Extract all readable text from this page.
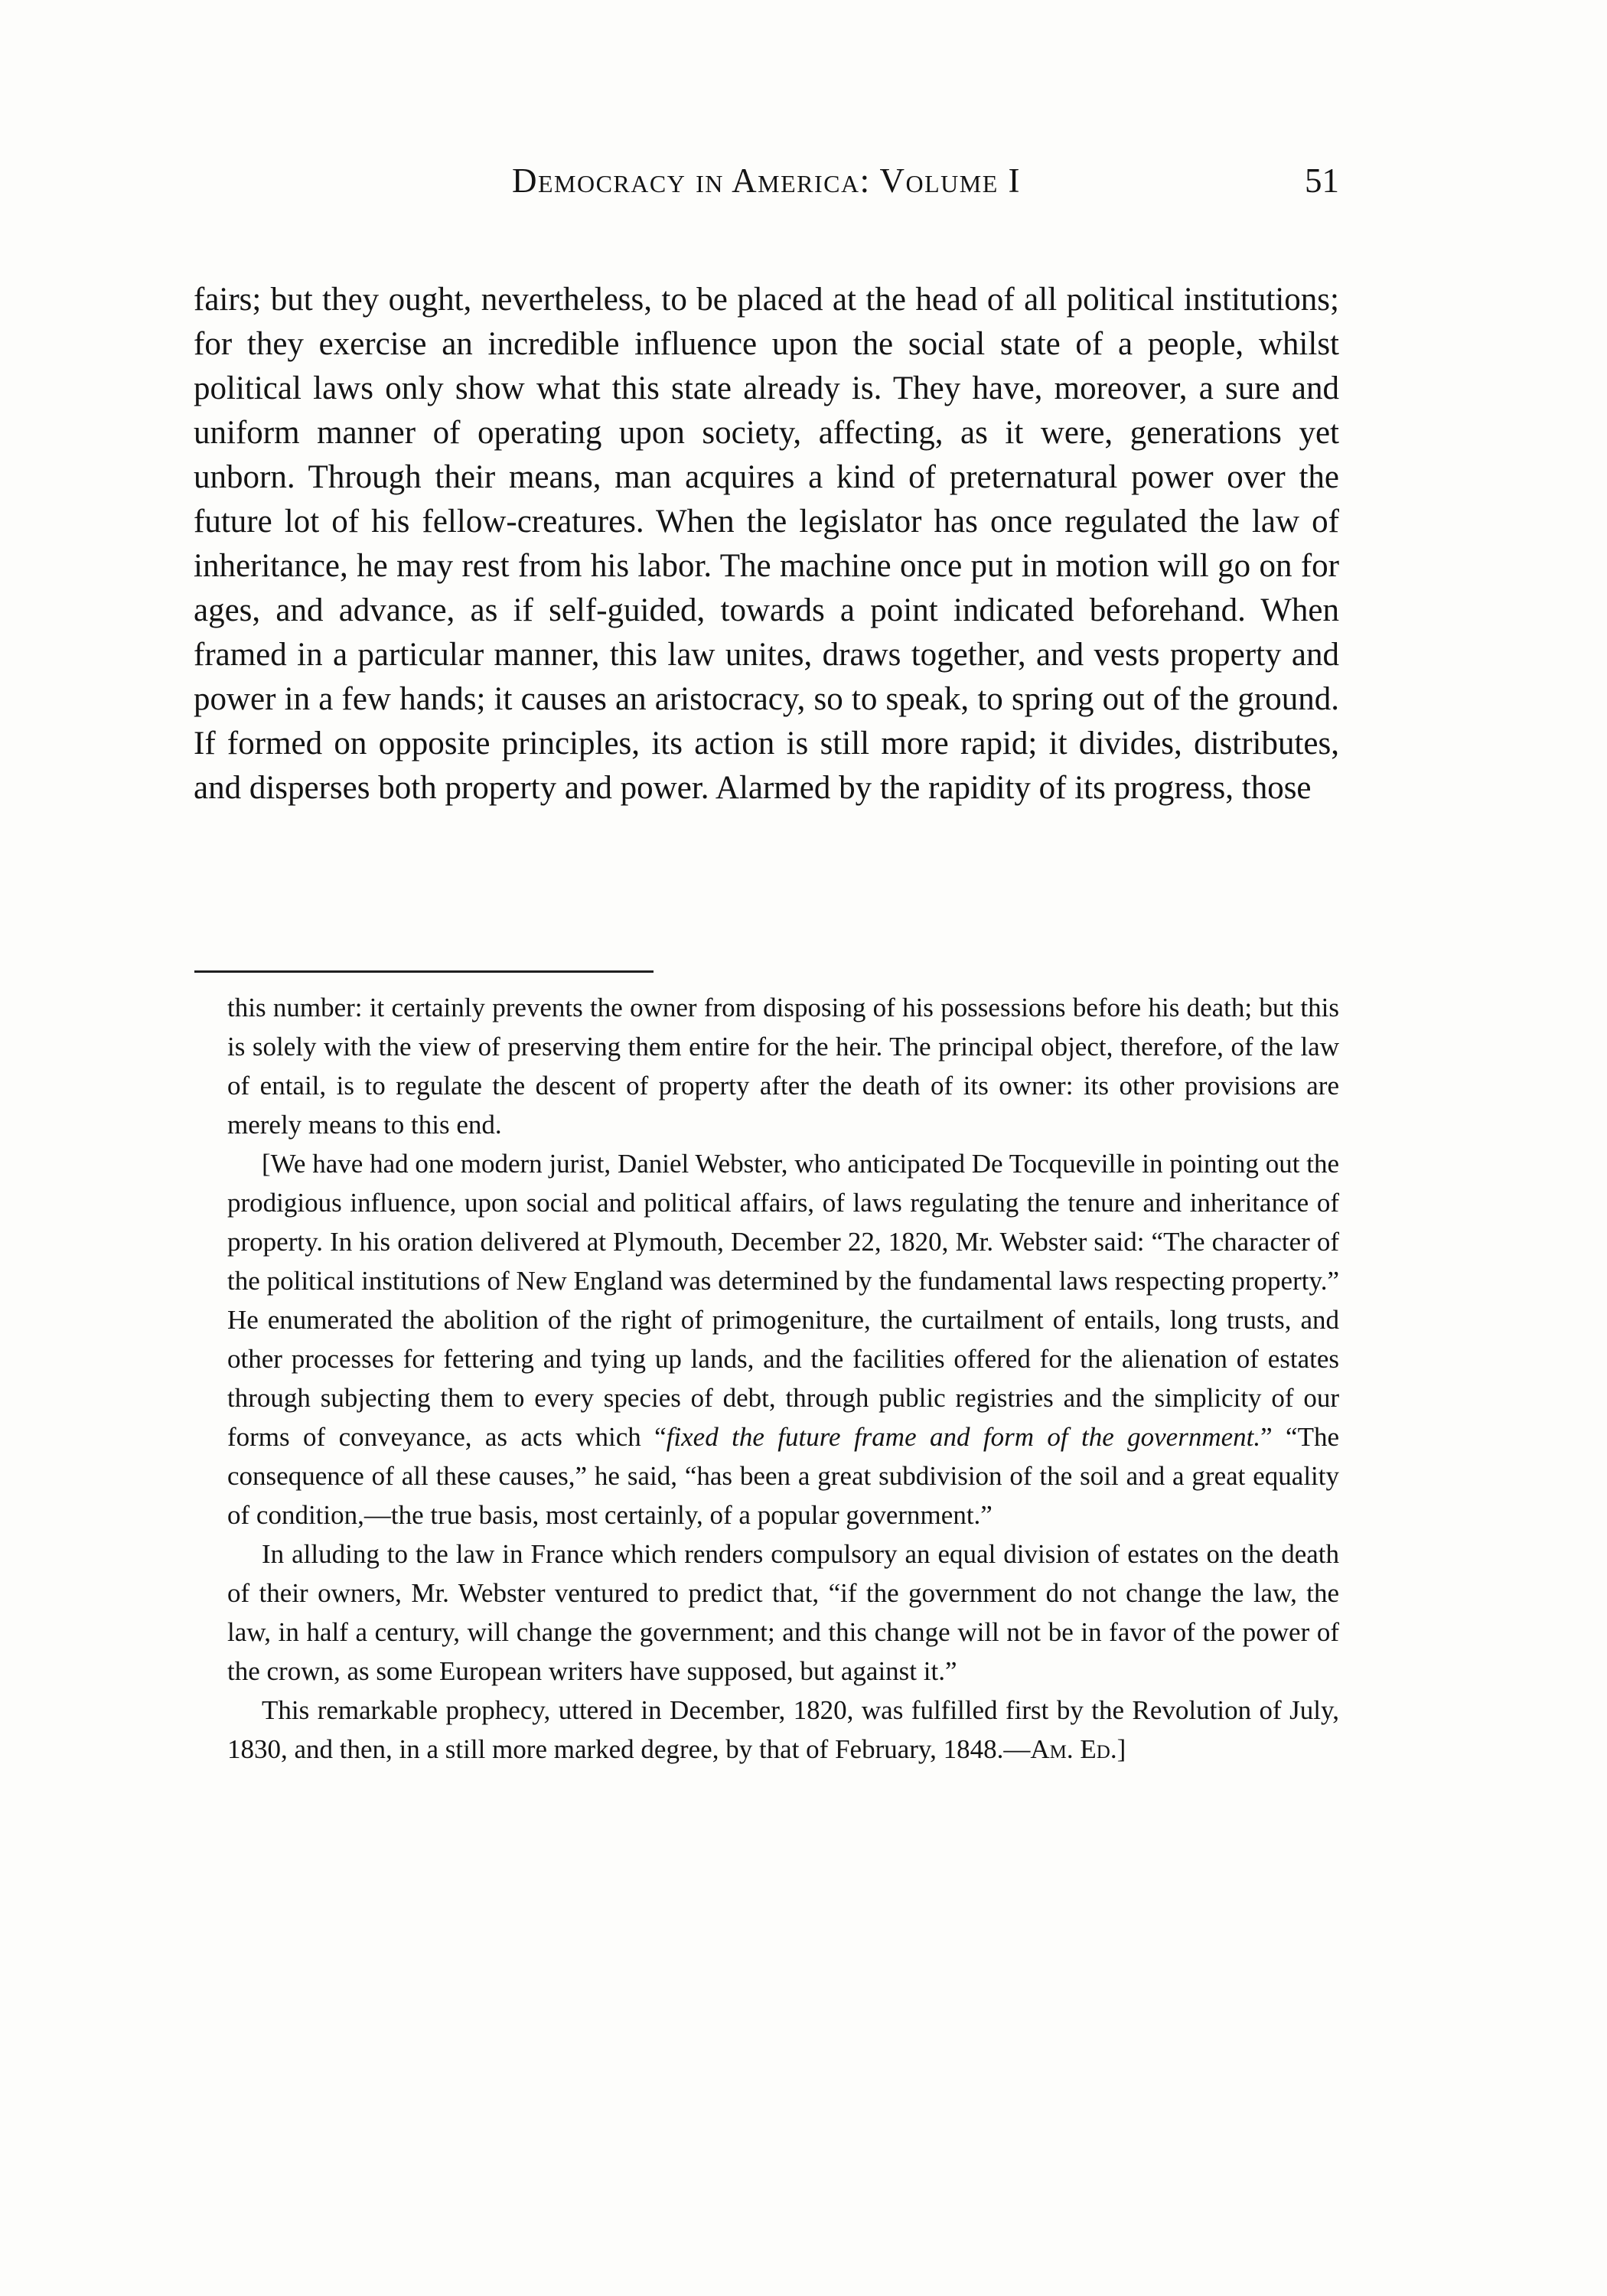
Democracy in America: Volume I	51

fairs; but they ought, nevertheless, to be placed at the head of all political institutions; for they exercise an incredible influence upon the social state of a people, whilst political laws only show what this state already is. They have, moreover, a sure and uniform manner of operating upon society, affecting, as it were, generations yet unborn. Through their means, man acquires a kind of preternatural power over the future lot of his fellow-creatures. When the legislator has once regulated the law of inheritance, he may rest from his labor. The machine once put in motion will go on for ages, and advance, as if self-guided, towards a point indicated beforehand. When framed in a particular manner, this law unites, draws together, and vests property and power in a few hands; it causes an aristocracy, so to speak, to spring out of the ground. If formed on opposite principles, its action is still more rapid; it divides, distributes, and disperses both property and power. Alarmed by the rapidity of its progress, those

this number: it certainly prevents the owner from disposing of his possessions before his death; but this is solely with the view of preserving them entire for the heir. The principal object, therefore, of the law of entail, is to regulate the descent of property after the death of its owner: its other provisions are merely means to this end.

[We have had one modern jurist, Daniel Webster, who anticipated De Tocqueville in pointing out the prodigious influence, upon social and political affairs, of laws regulating the tenure and inheritance of property. In his oration delivered at Plymouth, December 22, 1820, Mr. Webster said: “The character of the political institutions of New England was determined by the fundamental laws respecting property.” He enumerated the abolition of the right of primogeniture, the curtailment of entails, long trusts, and other processes for fettering and tying up lands, and the facilities offered for the alienation of estates through subjecting them to every species of debt, through public registries and the simplicity of our forms of conveyance, as acts which “fixed the future frame and form of the government.” “The consequence of all these causes,” he said, “has been a great subdivision of the soil and a great equality of condition,—the true basis, most certainly, of a popular government.”

In alluding to the law in France which renders compulsory an equal division of estates on the death of their owners, Mr. Webster ventured to predict that, “if the government do not change the law, the law, in half a century, will change the government; and this change will not be in favor of the power of the crown, as some European writers have supposed, but against it.”

This remarkable prophecy, uttered in December, 1820, was fulfilled first by the Revolution of July, 1830, and then, in a still more marked degree, by that of February, 1848.—Am. Ed.]
